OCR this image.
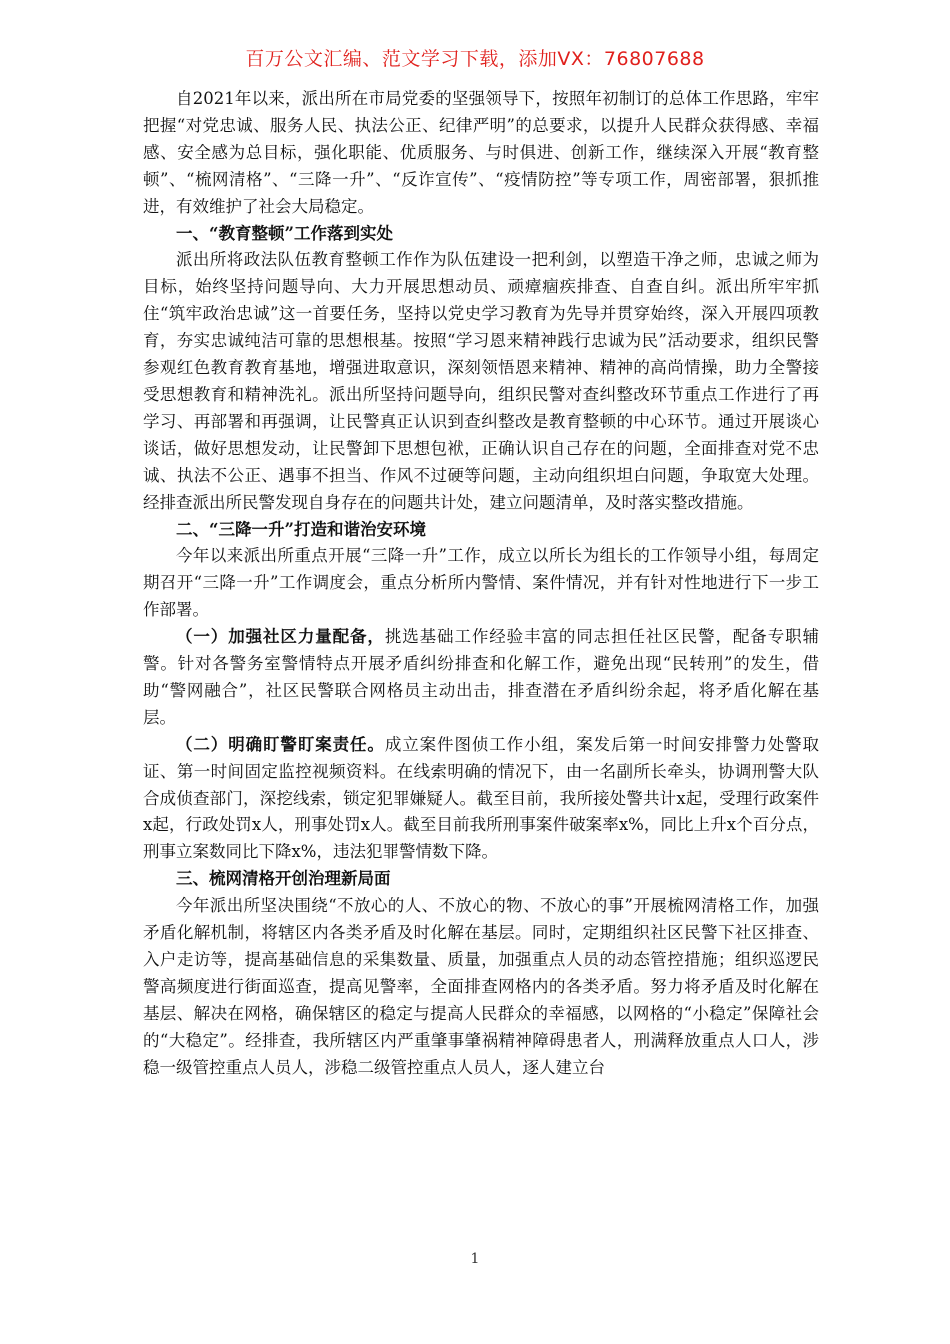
百万公文汇编、范文学习下载，添加VX：76807688

自2021年以来，派出所在市局党委的坚强领导下，按照年初制订的总体工作思路，牢牢把握“对党忠诚、服务人民、执法公正、纪律严明”的总要求，以提升人民群众获得感、幸福感、安全感为总目标，强化职能、优质服务、与时俱进、创新工作，继续深入开展“教育整顿”、“梳网清格”、“三降一升”、“反诈宣传”、“疫情防控”等专项工作，周密部署，狠抓推进，有效维护了社会大局稳定。

一、“教育整顿”工作落到实处

派出所将政法队伍教育整顿工作作为队伍建设一把利剑，以塑造干净之师，忠诚之师为目标，始终坚持问题导向、大力开展思想动员、顽瘴痼疾排查、自查自纠。派出所牢牢抓住“筑牢政治忠诚”这一首要任务，坚持以党史学习教育为先导并贯穿始终，深入开展四项教育，夯实忠诚纯洁可靠的思想根基。按照“学习恩来精神践行忠诚为民”活动要求，组织民警参观红色教育教育基地，增强进取意识，深刻领悟恩来精神、精神的高尚情操，助力全警接受思想教育和精神洗礼。派出所坚持问题导向，组织民警对查纠整改环节重点工作进行了再学习、再部署和再强调，让民警真正认识到查纠整改是教育整顿的中心环节。通过开展谈心谈话，做好思想发动，让民警卸下思想包袱，正确认识自己存在的问题，全面排查对党不忠诚、执法不公正、遇事不担当、作风不过硬等问题，主动向组织坦白问题，争取宽大处理。经排查派出所民警发现自身存在的问题共计处，建立问题清单，及时落实整改措施。

二、“三降一升”打造和谐治安环境

今年以来派出所重点开展“三降一升”工作，成立以所长为组长的工作领导小组，每周定期召开“三降一升”工作调度会，重点分析所内警情、案件情况，并有针对性地进行下一步工作部署。

（一）加强社区力量配备，挑选基础工作经验丰富的同志担任社区民警，配备专职辅警。针对各警务室警情特点开展矛盾纠纷排查和化解工作，避免出现“民转刑”的发生，借助“警网融合”，社区民警联合网格员主动出击，排查潜在矛盾纠纷余起，将矛盾化解在基层。

（二）明确盯警盯案责任。成立案件图侦工作小组，案发后第一时间安排警力处警取证、第一时间固定监控视频资料。在线索明确的情况下，由一名副所长牵头，协调刑警大队合成侦查部门，深挖线索，锁定犯罪嫌疑人。截至目前，我所接处警共计x起，受理行政案件x起，行政处罚x人，刑事处罚x人。截至目前我所刑事案件破案率x%，同比上升x个百分点，刑事立案数同比下降x%，违法犯罪警情数下降。

三、梳网清格开创治理新局面

今年派出所坚决围绕“不放心的人、不放心的物、不放心的事”开展梳网清格工作，加强矛盾化解机制，将辖区内各类矛盾及时化解在基层。同时，定期组织社区民警下社区排查、入户走访等，提高基础信息的采集数量、质量，加强重点人员的动态管控措施；组织巡逻民警高频度进行街面巡查，提高见警率，全面排查网格内的各类矛盾。努力将矛盾及时化解在基层、解决在网格，确保辖区的稳定与提高人民群众的幸福感，以网格的“小稳定”保障社会的“大稳定”。经排查，我所辖区内严重肇事肇祸精神障碍患者人，刑满释放重点人口人，涉稳一级管控重点人员人，涉稳二级管控重点人员人，逐人建立台

1
